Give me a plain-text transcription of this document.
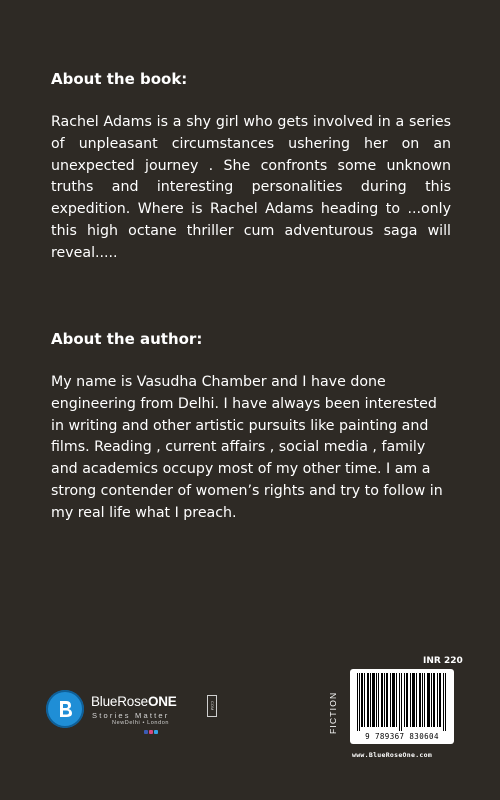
About the book:

Rachel Adams is a shy girl who gets involved in a series of unpleasant circumstances ushering her on an unexpected journey . She confronts some unknown truths and interesting personalities during this expedition. Where is Rachel Adams heading to ...only this high octane thriller cum adventurous saga will reveal.....

About the author:

My name is Vasudha Chamber and I have done engineering from Delhi. I have always been interested in writing and other artistic pursuits like painting and films. Reading , current affairs , social media , family and academics occupy most of my other time. I am a strong contender of women’s rights and try to follow in my real life what I preach.

BlueRoseONE	COM
Stories Matter
NewDelhi • London
INR 220
FICTION
9 789367 830604
www.BlueRoseOne.com
